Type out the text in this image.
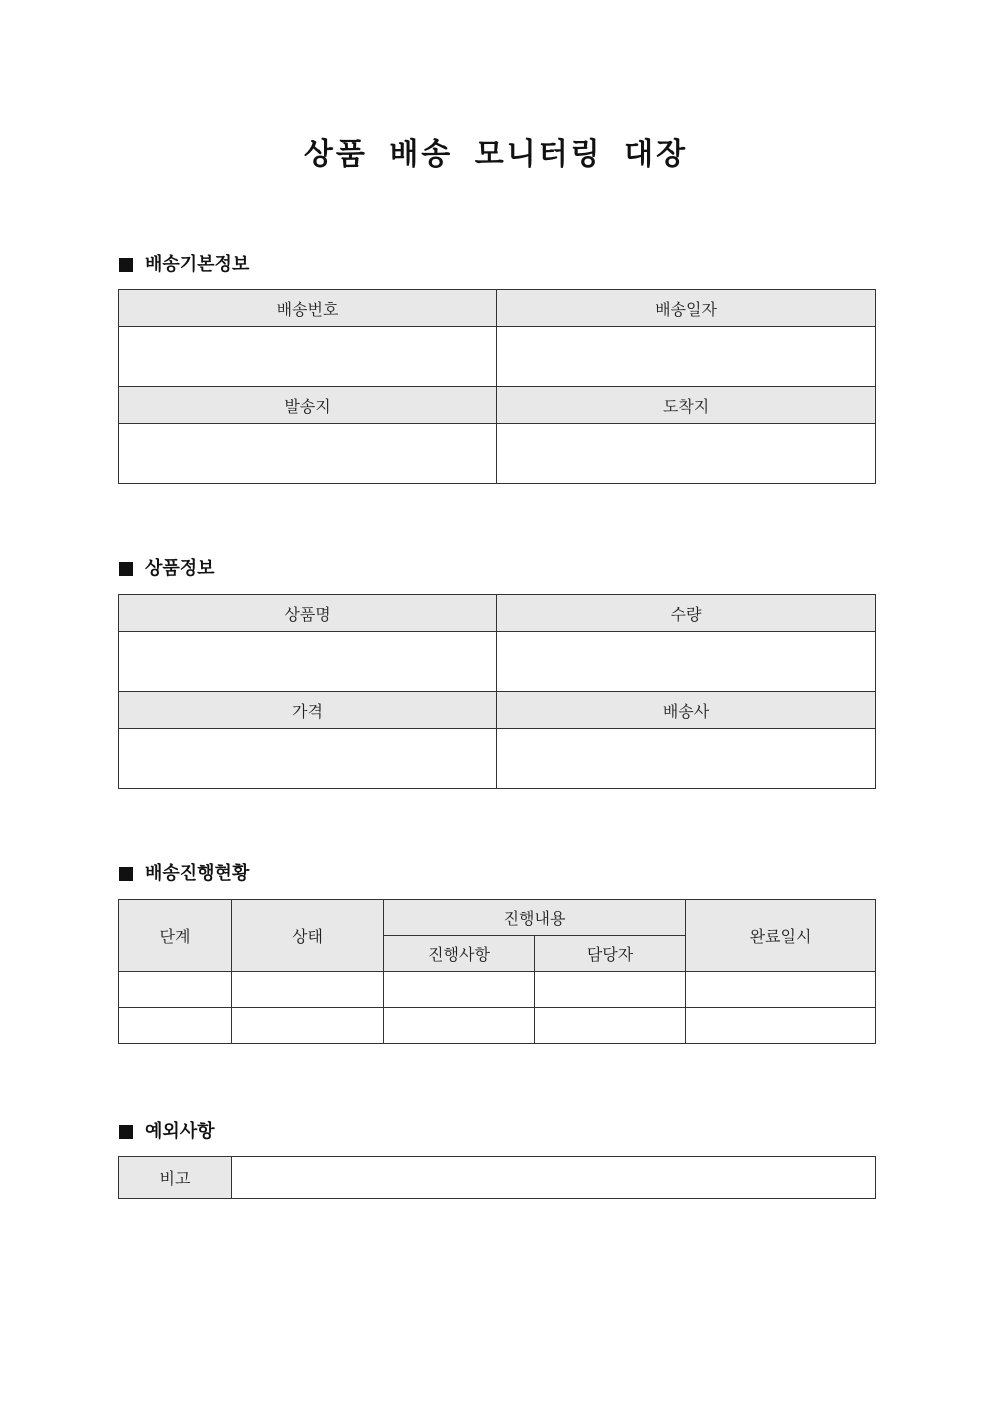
상품 배송 모니터링 대장
배송기본정보
배송번호	배송일자

발송지	도착지

상품정보
상품명	수량

가격	배송사

배송진행현황
단계	상태	진행내용		완료일시
		진행사항	담당자	

예외사항
비고	
